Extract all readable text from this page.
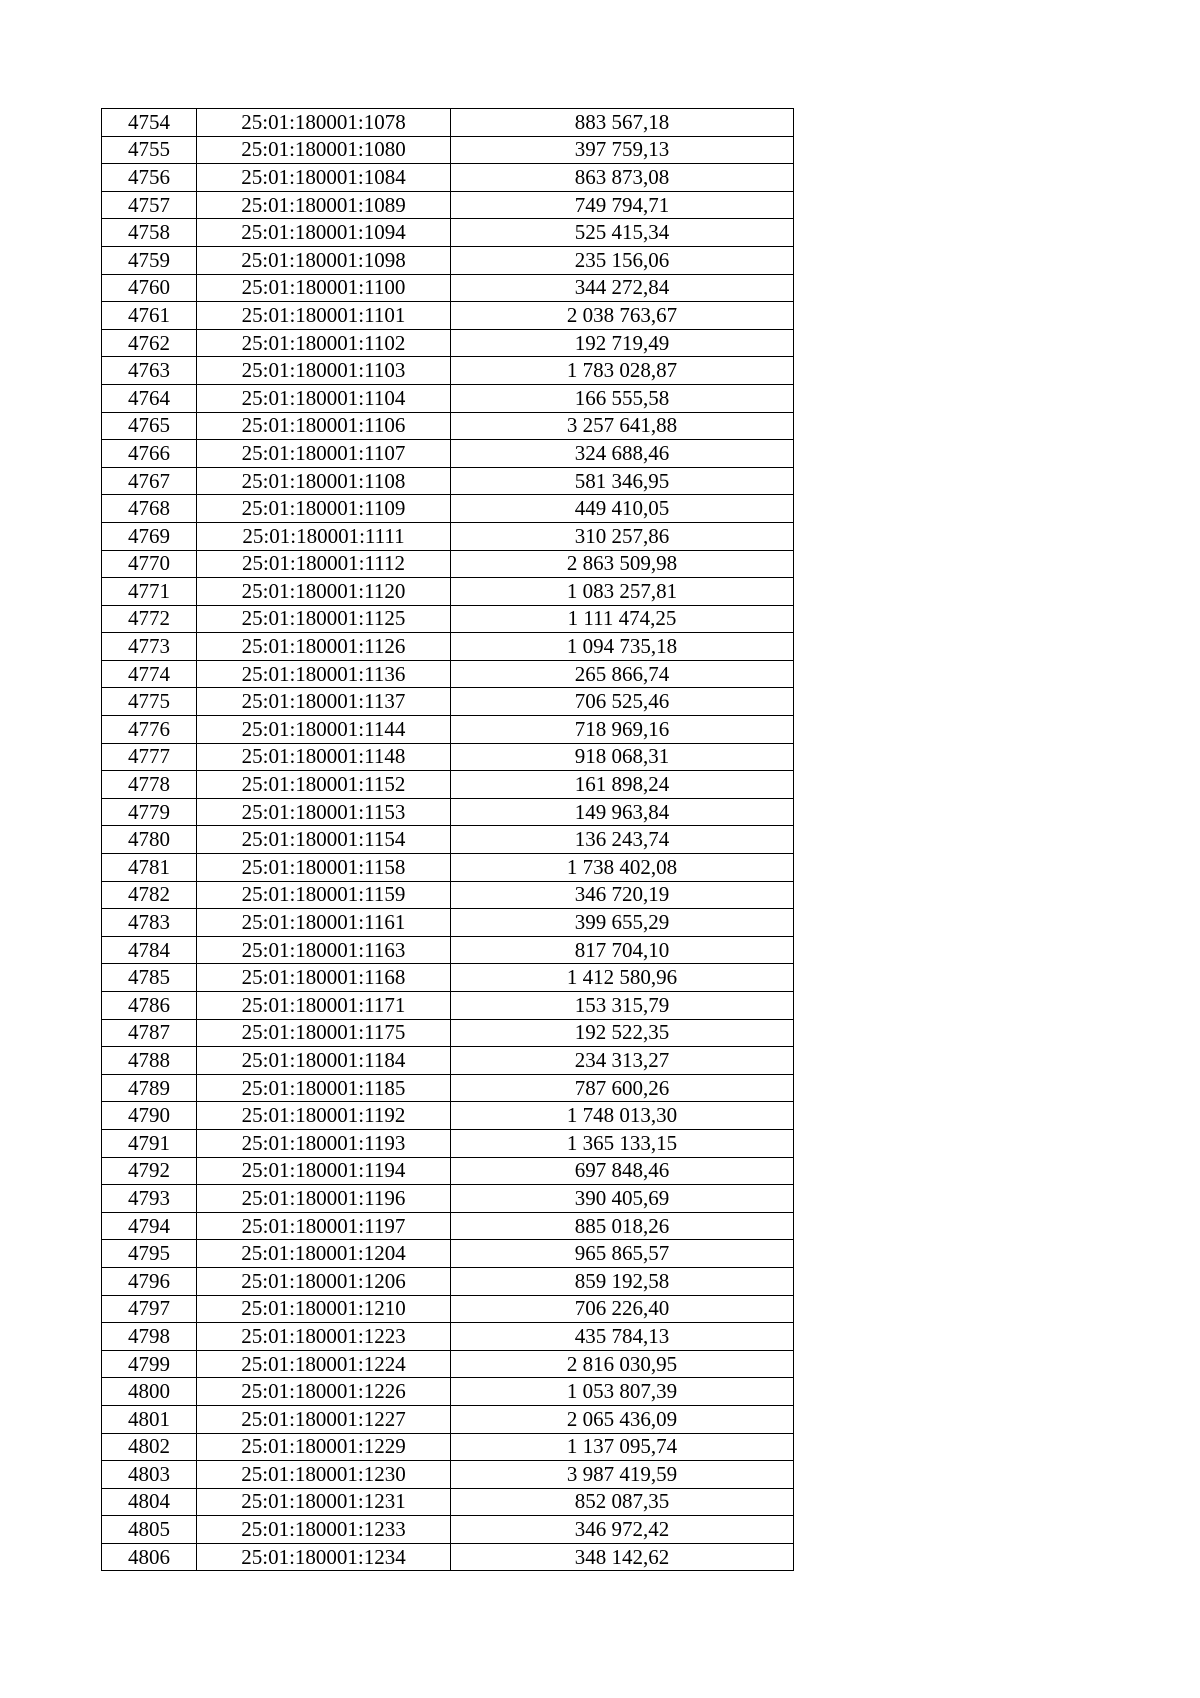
4754	25:01:180001:1078	883 567,18
4755	25:01:180001:1080	397 759,13
4756	25:01:180001:1084	863 873,08
4757	25:01:180001:1089	749 794,71
4758	25:01:180001:1094	525 415,34
4759	25:01:180001:1098	235 156,06
4760	25:01:180001:1100	344 272,84
4761	25:01:180001:1101	2 038 763,67
4762	25:01:180001:1102	192 719,49
4763	25:01:180001:1103	1 783 028,87
4764	25:01:180001:1104	166 555,58
4765	25:01:180001:1106	3 257 641,88
4766	25:01:180001:1107	324 688,46
4767	25:01:180001:1108	581 346,95
4768	25:01:180001:1109	449 410,05
4769	25:01:180001:1111	310 257,86
4770	25:01:180001:1112	2 863 509,98
4771	25:01:180001:1120	1 083 257,81
4772	25:01:180001:1125	1 111 474,25
4773	25:01:180001:1126	1 094 735,18
4774	25:01:180001:1136	265 866,74
4775	25:01:180001:1137	706 525,46
4776	25:01:180001:1144	718 969,16
4777	25:01:180001:1148	918 068,31
4778	25:01:180001:1152	161 898,24
4779	25:01:180001:1153	149 963,84
4780	25:01:180001:1154	136 243,74
4781	25:01:180001:1158	1 738 402,08
4782	25:01:180001:1159	346 720,19
4783	25:01:180001:1161	399 655,29
4784	25:01:180001:1163	817 704,10
4785	25:01:180001:1168	1 412 580,96
4786	25:01:180001:1171	153 315,79
4787	25:01:180001:1175	192 522,35
4788	25:01:180001:1184	234 313,27
4789	25:01:180001:1185	787 600,26
4790	25:01:180001:1192	1 748 013,30
4791	25:01:180001:1193	1 365 133,15
4792	25:01:180001:1194	697 848,46
4793	25:01:180001:1196	390 405,69
4794	25:01:180001:1197	885 018,26
4795	25:01:180001:1204	965 865,57
4796	25:01:180001:1206	859 192,58
4797	25:01:180001:1210	706 226,40
4798	25:01:180001:1223	435 784,13
4799	25:01:180001:1224	2 816 030,95
4800	25:01:180001:1226	1 053 807,39
4801	25:01:180001:1227	2 065 436,09
4802	25:01:180001:1229	1 137 095,74
4803	25:01:180001:1230	3 987 419,59
4804	25:01:180001:1231	852 087,35
4805	25:01:180001:1233	346 972,42
4806	25:01:180001:1234	348 142,62
